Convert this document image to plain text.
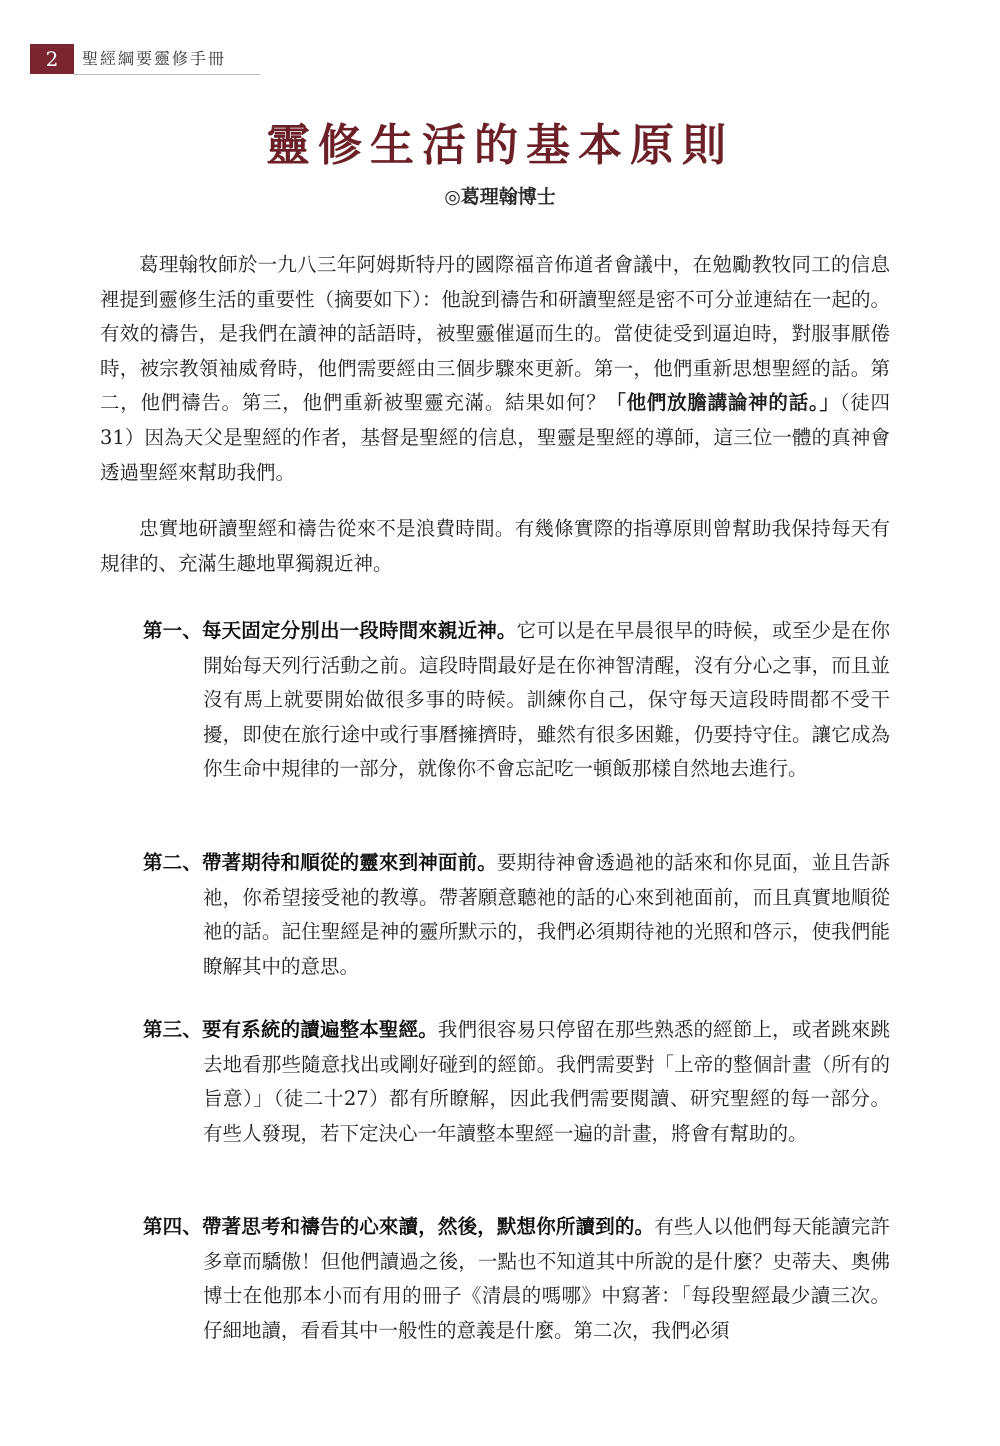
2	聖經綱要靈修手冊
靈修生活的基本原則
◎葛理翰博士

葛理翰牧師於一九八三年阿姆斯特丹的國際福音佈道者會議中，在勉勵教牧同工的信息裡提到靈修生活的重要性（摘要如下）：他說到禱告和研讀聖經是密不可分並連結在一起的。有效的禱告，是我們在讀神的話語時，被聖靈催逼而生的。當使徒受到逼迫時，對服事厭倦時，被宗教領袖威脅時，他們需要經由三個步驟來更新。第一，他們重新思想聖經的話。第二，他們禱告。第三，他們重新被聖靈充滿。結果如何？「他們放膽講論神的話。」（徒四31）因為天父是聖經的作者，基督是聖經的信息，聖靈是聖經的導師，這三位一體的真神會透過聖經來幫助我們。

忠實地研讀聖經和禱告從來不是浪費時間。有幾條實際的指導原則曾幫助我保持每天有規律的、充滿生趣地單獨親近神。

第一、每天固定分別出一段時間來親近神。它可以是在早晨很早的時候，或至少是在你開始每天列行活動之前。這段時間最好是在你神智清醒，沒有分心之事，而且並沒有馬上就要開始做很多事的時候。訓練你自己，保守每天這段時間都不受干擾，即使在旅行途中或行事曆擁擠時，雖然有很多困難，仍要持守住。讓它成為你生命中規律的一部分，就像你不會忘記吃一頓飯那樣自然地去進行。
第二、帶著期待和順從的靈來到神面前。要期待神會透過祂的話來和你見面，並且告訴祂，你希望接受祂的教導。帶著願意聽祂的話的心來到祂面前，而且真實地順從祂的話。記住聖經是神的靈所默示的，我們必須期待祂的光照和啓示，使我們能瞭解其中的意思。
第三、要有系統的讀遍整本聖經。我們很容易只停留在那些熟悉的經節上，或者跳來跳去地看那些隨意找出或剛好碰到的經節。我們需要對「上帝的整個計畫（所有的旨意）」（徒二十27）都有所瞭解，因此我們需要閱讀、研究聖經的每一部分。有些人發現，若下定決心一年讀整本聖經一遍的計畫，將會有幫助的。
第四、帶著思考和禱告的心來讀，然後，默想你所讀到的。有些人以他們每天能讀完許多章而驕傲！但他們讀過之後，一點也不知道其中所說的是什麼？史蒂夫、奧佛博士在他那本小而有用的冊子《清晨的嗎哪》中寫著：「每段聖經最少讀三次。仔細地讀，看看其中一般性的意義是什麼。第二次，我們必須
